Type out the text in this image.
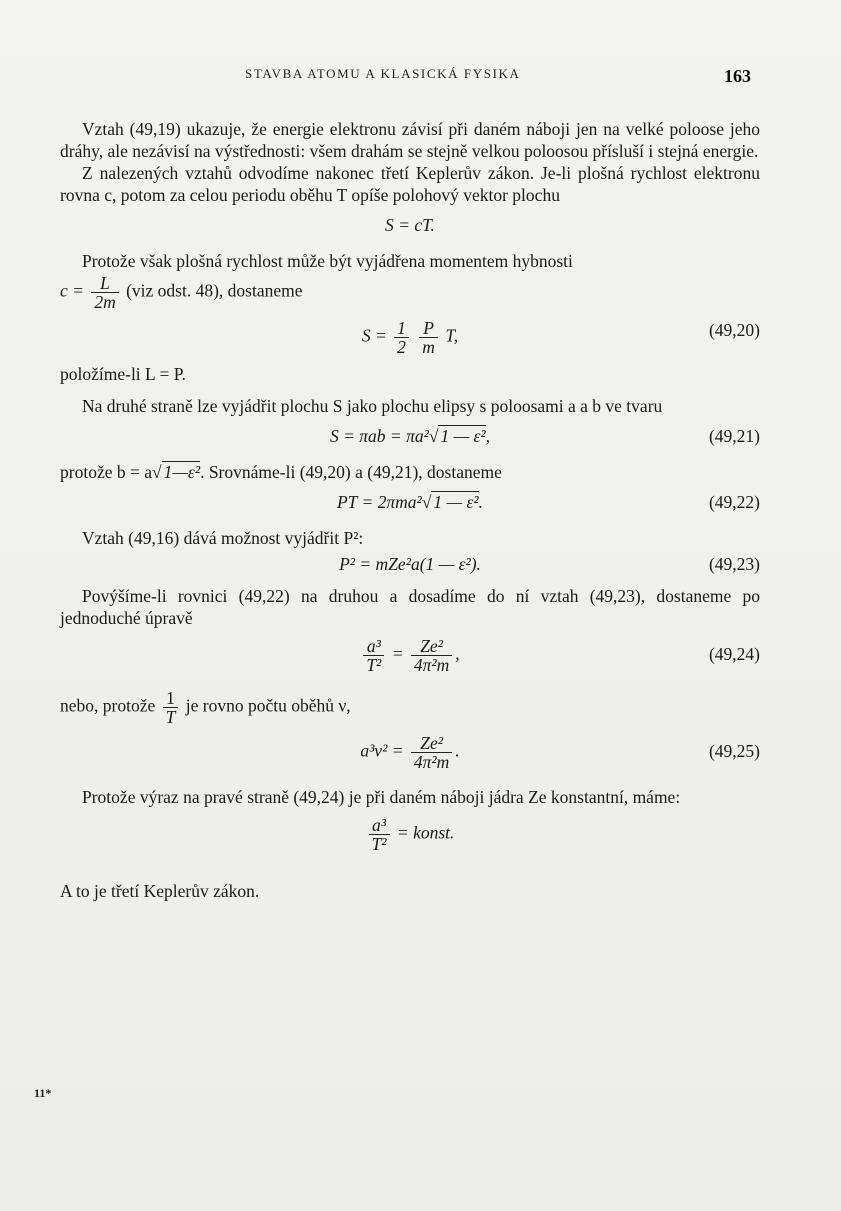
STAVBA ATOMU A KLASICKÁ FYSIKA	163

Vztah (49,19) ukazuje, že energie elektronu závisí při daném náboji jen na velké poloose jeho dráhy, ale nezávisí na výstřednosti: všem drahám se stejně velkou poloosou přísluší i stejná energie.

Z nalezených vztahů odvodíme nakonec třetí Keplerův zákon. Je-li plošná rychlost elektronu rovna c, potom za celou periodu oběhu T opíše polohový vektor plochu

S = cT.

Protože však plošná rychlost může být vyjádřena momentem hybnosti

$c = \frac{L}{2m} (viz$ odst. 48), dostaneme

$S = \frac{1}{2}$
$\frac{P}{m} T$,	(49,20)

položíme-li L = P.

Na druhé straně lze vyjádřit plochu S jako plochu elipsy s poloosami a a b ve tvaru

S = πab = πa²√ 1 — ε²,	(49,21)

protože b = a√ 1—ε². Srovnáme-li (49,20) a (49,21), dostaneme

PT = 2πma²√ 1 — ε².	(49,22)

Vztah (49,16) dává možnost vyjádřit P²:

P² = mZe²a(1 — ε²).	(49,23)

Povýšíme-li rovnici (49,22) na druhou a dosadíme do ní vztah (49,23), dostaneme po jednoduché úpravě

$\frac{\text{a³}}{\text{T²}} = \frac{\text{Ze²}}{\text{4π²m}}$ ,	(49,24)

nebo, protože $\frac{1}{T}$ je rovno počtu oběhů ν,

$a^3\nu^2 = \frac{\text{Ze²}}{\text{4π²m}}$ .	(49,25)

Protože výraz na pravé straně (49,24) je při daném náboji jádra Ze konstantní, máme:

$\frac{\text{a³}}{\text{T²}}$ = konst.

A to je třetí Keplerův zákon.

11*
